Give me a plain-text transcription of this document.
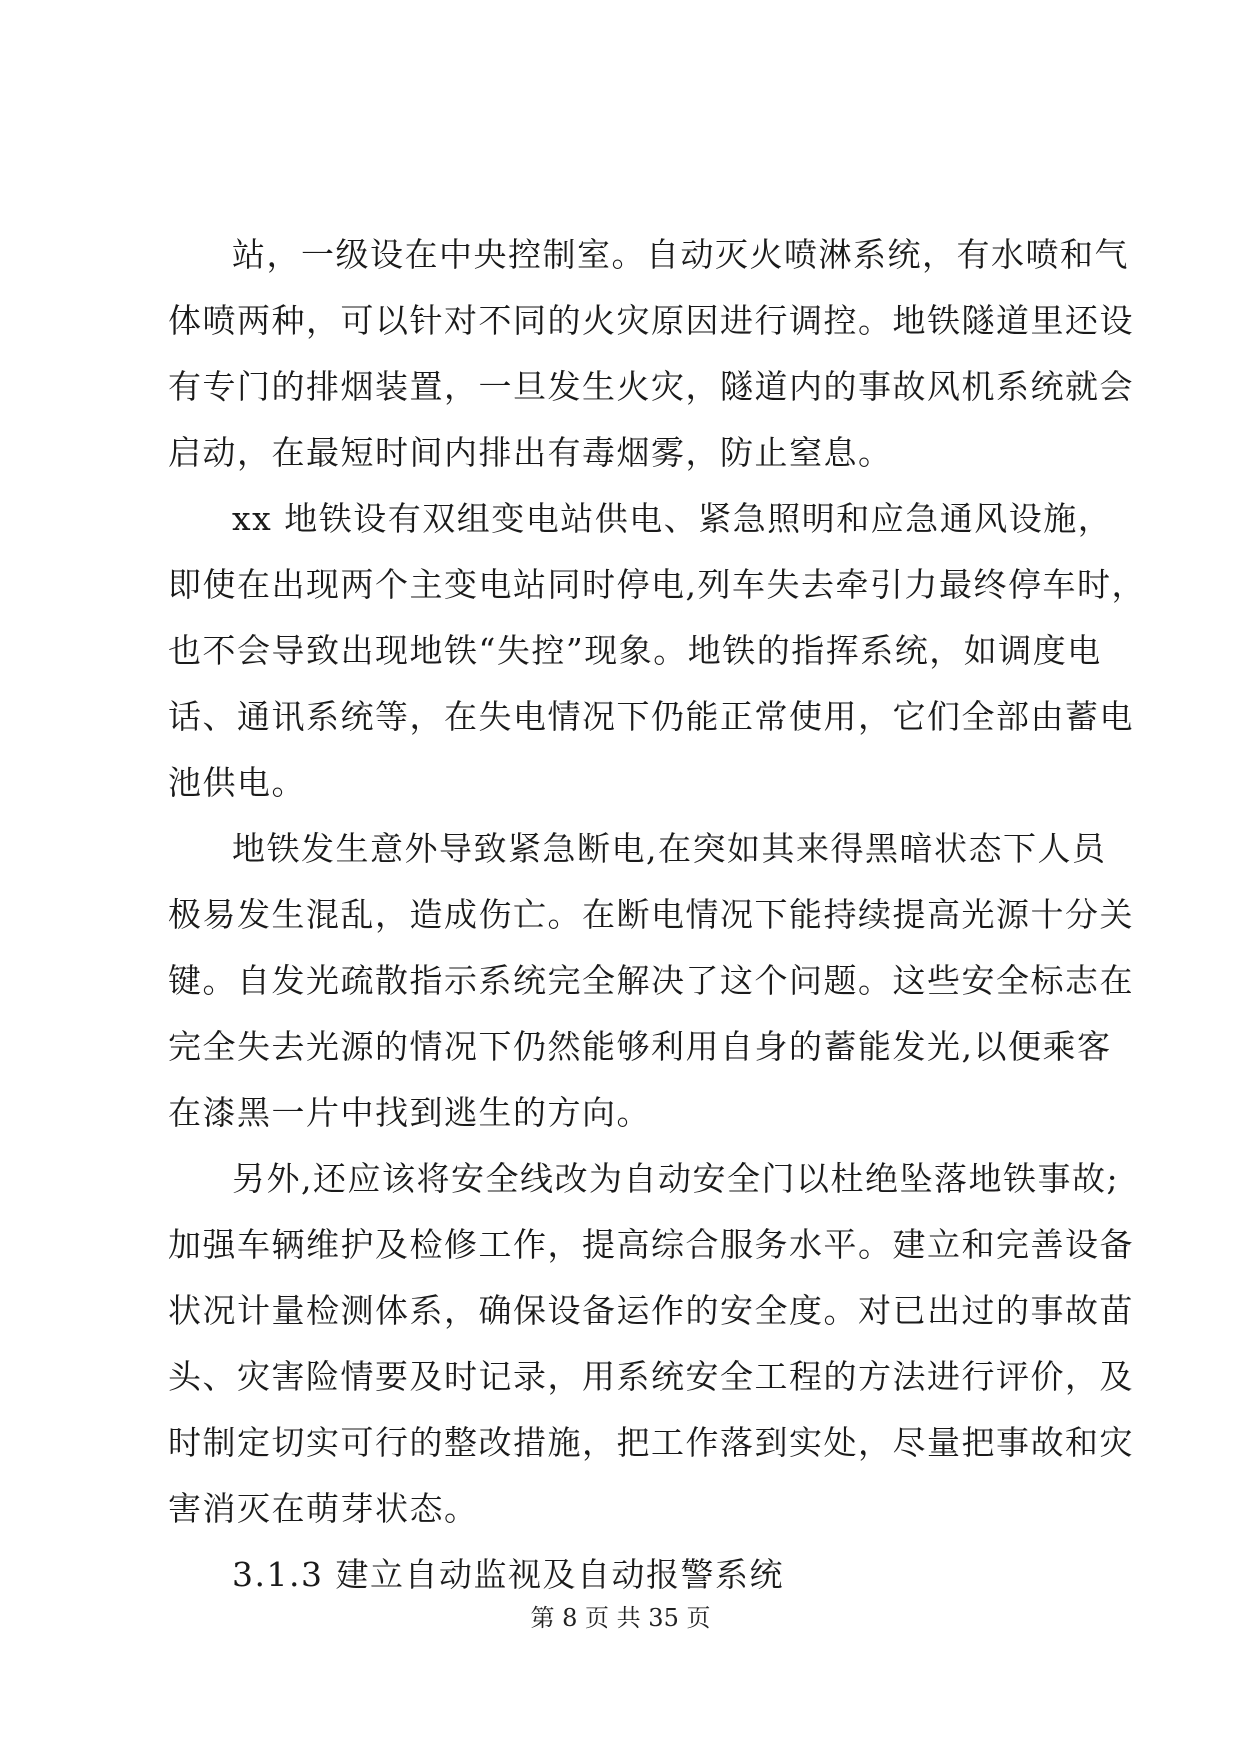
站，一级设在中央控制室。自动灭火喷淋系统，有水喷和气
体喷两种，可以针对不同的火灾原因进行调控。地铁隧道里还设
有专门的排烟装置，一旦发生火灾，隧道内的事故风机系统就会
启动，在最短时间内排出有毒烟雾，防止窒息。
xx 地铁设有双组变电站供电、紧急照明和应急通风设施，
即使在出现两个主变电站同时停电,列车失去牵引力最终停车时，
也不会导致出现地铁“失控”现象。地铁的指挥系统，如调度电
话、通讯系统等，在失电情况下仍能正常使用，它们全部由蓄电
池供电。
地铁发生意外导致紧急断电,在突如其来得黑暗状态下人员
极易发生混乱，造成伤亡。在断电情况下能持续提高光源十分关
键。自发光疏散指示系统完全解决了这个问题。这些安全标志在
完全失去光源的情况下仍然能够利用自身的蓄能发光,以便乘客
在漆黑一片中找到逃生的方向。
另外,还应该将安全线改为自动安全门以杜绝坠落地铁事故;
加强车辆维护及检修工作，提高综合服务水平。建立和完善设备
状况计量检测体系，确保设备运作的安全度。对已出过的事故苗
头、灾害险情要及时记录，用系统安全工程的方法进行评价，及
时制定切实可行的整改措施，把工作落到实处，尽量把事故和灾
害消灭在萌芽状态。
3.1.3 建立自动监视及自动报警系统
第 8 页 共 35 页
